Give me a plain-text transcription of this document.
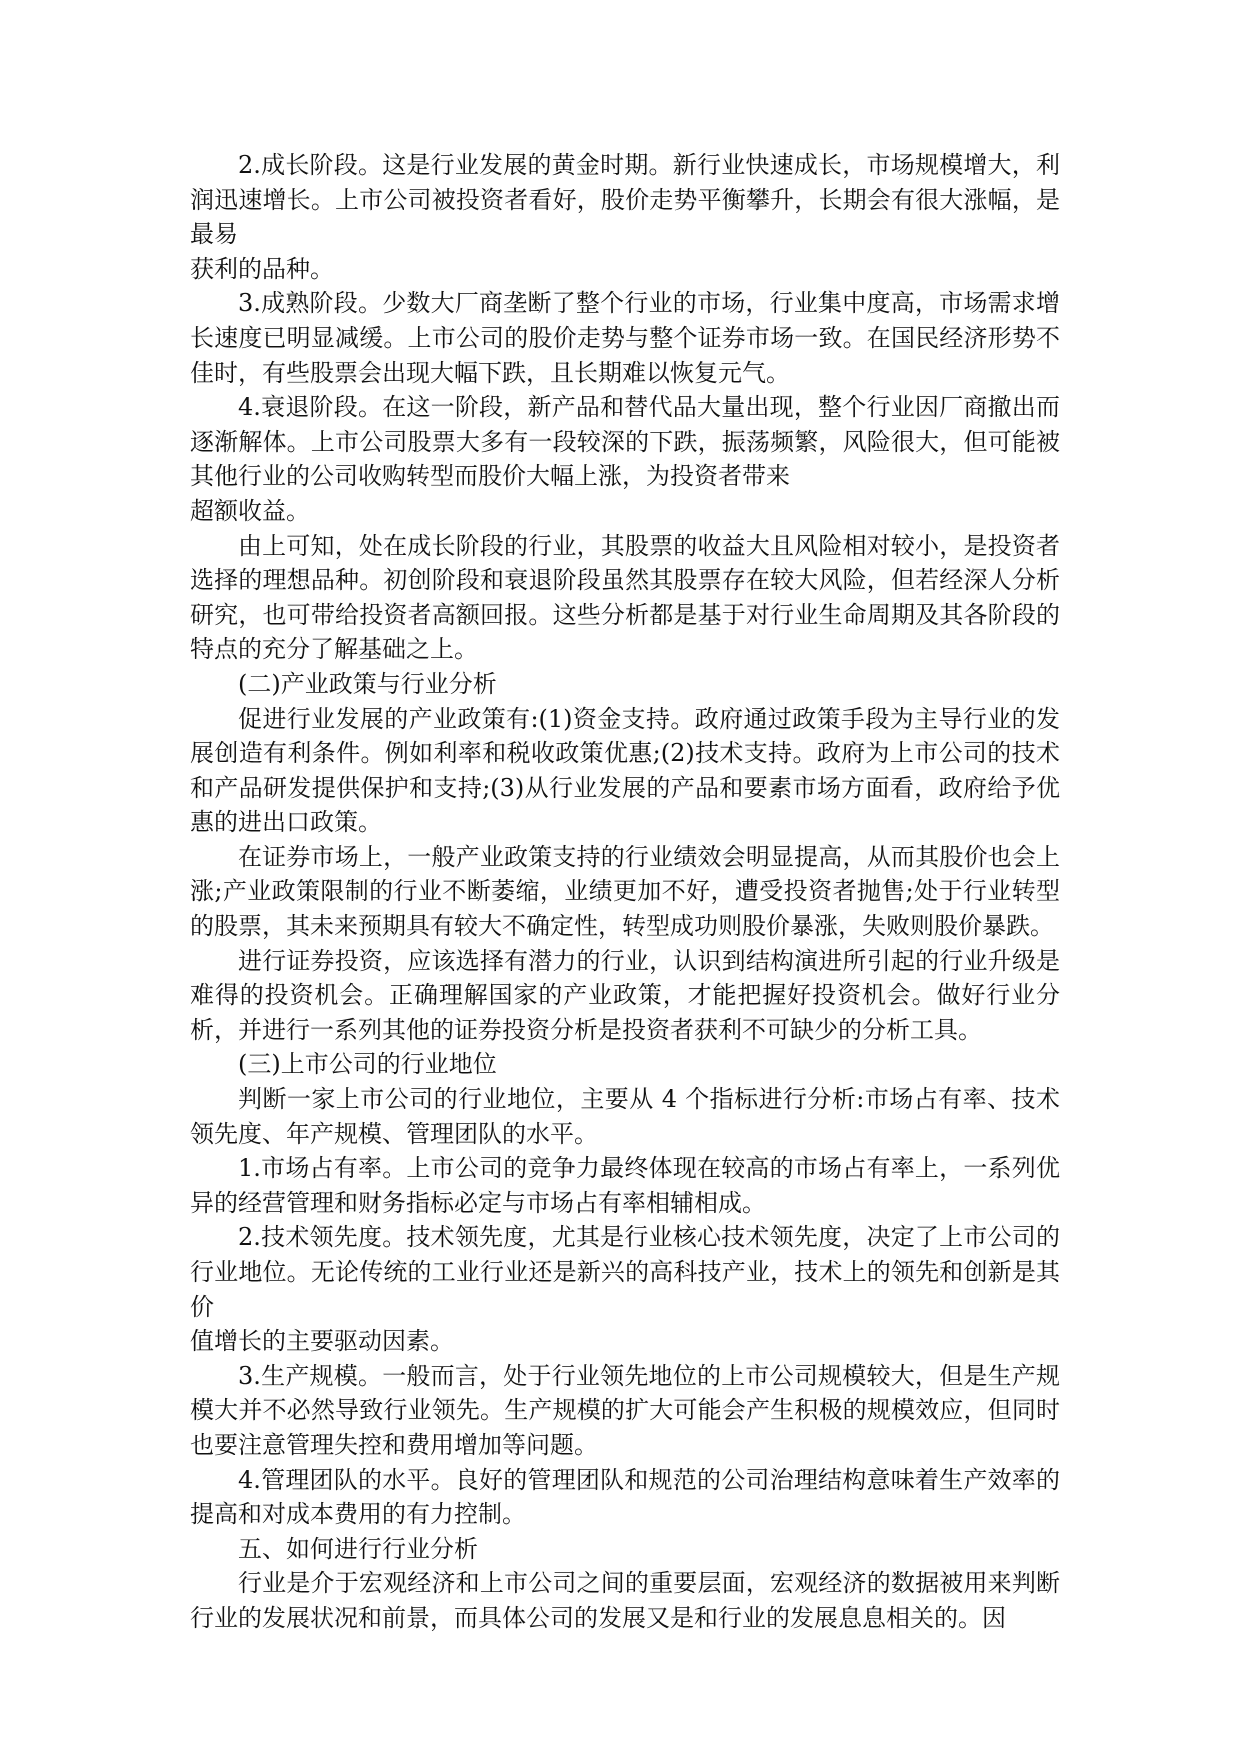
2.成长阶段。这是行业发展的黄金时期。新行业快速成长，市场规模增大，利润迅速增长。上市公司被投资者看好，股价走势平衡攀升，长期会有很大涨幅，是最易

获利的品种。

3.成熟阶段。少数大厂商垄断了整个行业的市场，行业集中度高，市场需求增长速度已明显减缓。上市公司的股价走势与整个证券市场一致。在国民经济形势不佳时，有些股票会出现大幅下跌，且长期难以恢复元气。

4.衰退阶段。在这一阶段，新产品和替代品大量出现，整个行业因厂商撤出而逐渐解体。上市公司股票大多有一段较深的下跌，振荡频繁，风险很大，但可能被其他行业的公司收购转型而股价大幅上涨，为投资者带来

超额收益。

由上可知，处在成长阶段的行业，其股票的收益大且风险相对较小，是投资者选择的理想品种。初创阶段和衰退阶段虽然其股票存在较大风险，但若经深人分析研究，也可带给投资者高额回报。这些分析都是基于对行业生命周期及其各阶段的特点的充分了解基础之上。

(二)产业政策与行业分析

促进行业发展的产业政策有:(1)资金支持。政府通过政策手段为主导行业的发展创造有利条件。例如利率和税收政策优惠;(2)技术支持。政府为上市公司的技术和产品研发提供保护和支持;(3)从行业发展的产品和要素市场方面看，政府给予优惠的进出口政策。

在证券市场上，一般产业政策支持的行业绩效会明显提高，从而其股价也会上涨;产业政策限制的行业不断萎缩，业绩更加不好，遭受投资者抛售;处于行业转型的股票，其未来预期具有较大不确定性，转型成功则股价暴涨，失败则股价暴跌。

进行证券投资，应该选择有潜力的行业，认识到结构演进所引起的行业升级是难得的投资机会。正确理解国家的产业政策，才能把握好投资机会。做好行业分析，并进行一系列其他的证券投资分析是投资者获利不可缺少的分析工具。

(三)上市公司的行业地位

判断一家上市公司的行业地位，主要从 4 个指标进行分析:市场占有率、技术领先度、年产规模、管理团队的水平。

1.市场占有率。上市公司的竞争力最终体现在较高的市场占有率上，一系列优异的经营管理和财务指标必定与市场占有率相辅相成。

2.技术领先度。技术领先度，尤其是行业核心技术领先度，决定了上市公司的行业地位。无论传统的工业行业还是新兴的高科技产业，技术上的领先和创新是其价

值增长的主要驱动因素。

3.生产规模。一般而言，处于行业领先地位的上市公司规模较大，但是生产规模大并不必然导致行业领先。生产规模的扩大可能会产生积极的规模效应，但同时也要注意管理失控和费用增加等问题。

4.管理团队的水平。良好的管理团队和规范的公司治理结构意味着生产效率的提高和对成本费用的有力控制。

五、如何进行行业分析

行业是介于宏观经济和上市公司之间的重要层面，宏观经济的数据被用来判断行业的发展状况和前景，而具体公司的发展又是和行业的发展息息相关的。因
